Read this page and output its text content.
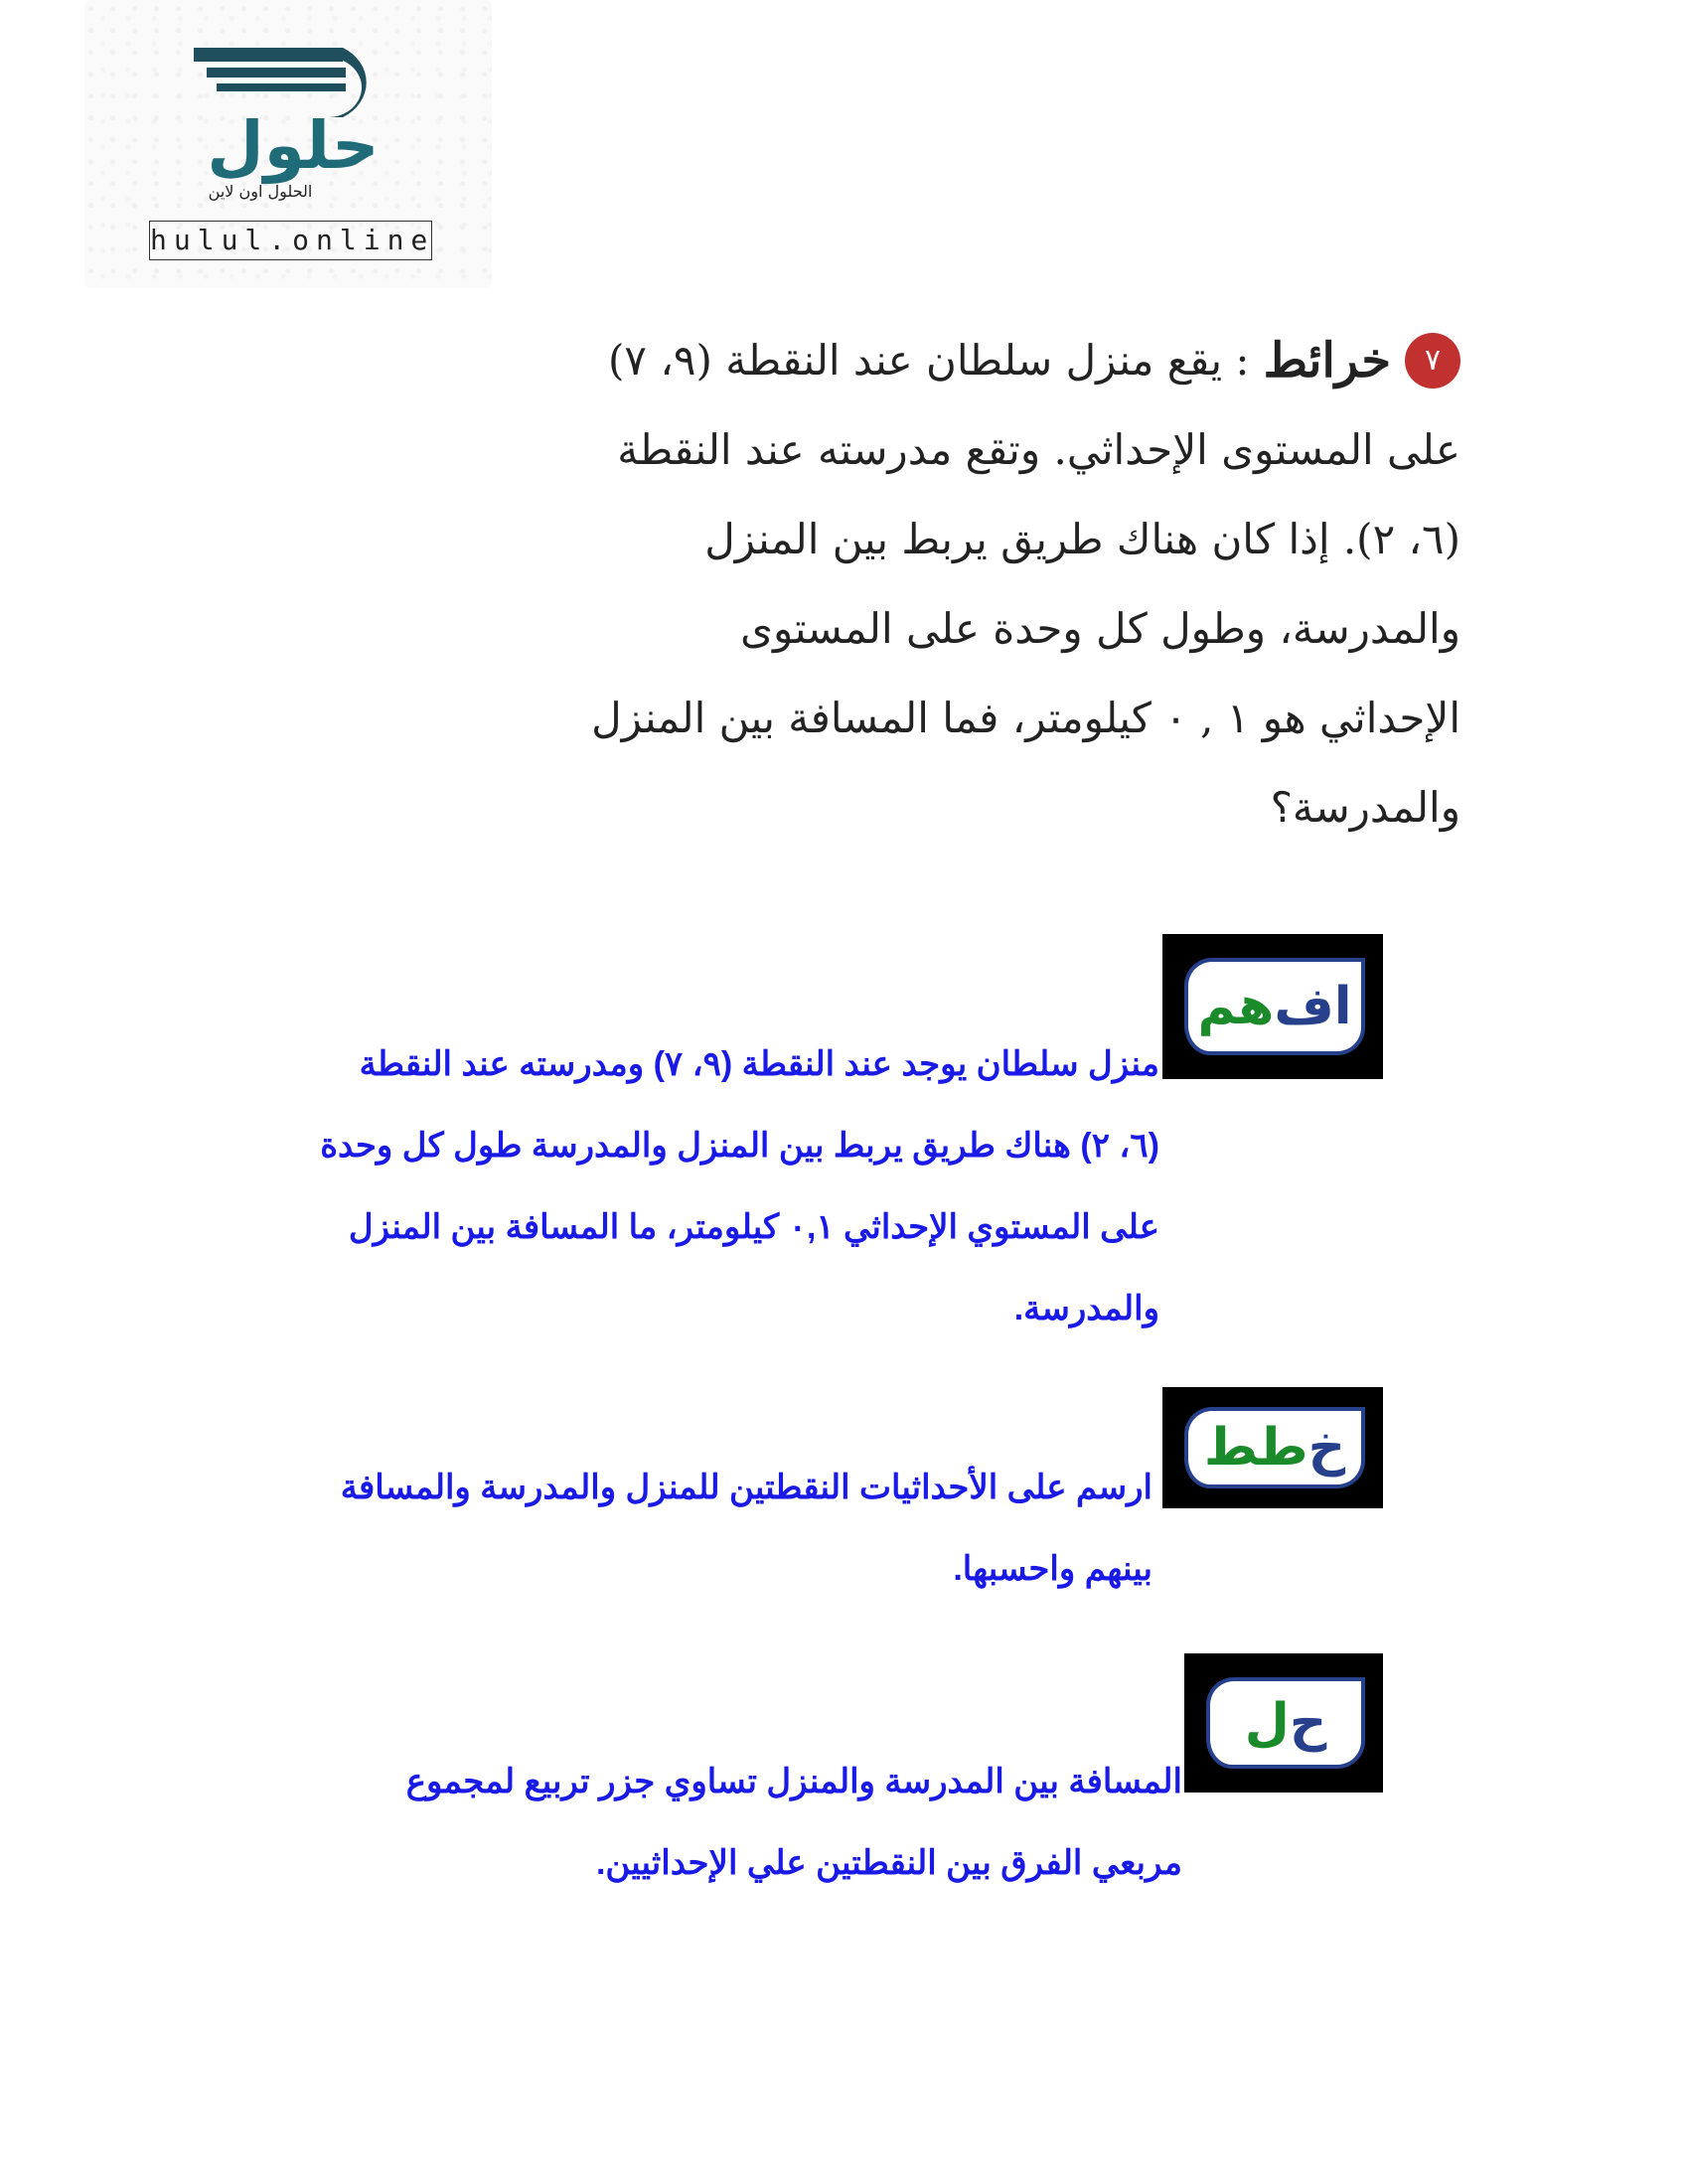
حلول
الحلول اون لاين
hulul.online
٧
خرائط
: يقع منزل سلطان عند النقطة (٩، ٧)
على المستوى الإحداثي. وتقع مدرسته عند النقطة
(٦، ٢). إذا كان هناك طريق يربط بين المنزل
والمدرسة، وطول كل وحدة على المستوى
الإحداثي هو ١ , ٠ كيلومتر، فما المسافة بين المنزل
والمدرسة؟
اف
هم
منزل سلطان يوجد عند النقطة (٩، ٧) ومدرسته عند النقطة
(٦، ٢) هناك طريق يربط بين المنزل والمدرسة طول كل وحدة
على المستوي الإحداثي ٠,١ كيلومتر، ما المسافة بين المنزل
والمدرسة.
خ
طط
ارسم على الأحداثيات النقطتين للمنزل والمدرسة والمسافة
بينهم واحسبها.
ح
ل
المسافة بين المدرسة والمنزل تساوي جزر تربيع لمجموع
مربعي الفرق بين النقطتين علي الإحداثيين.
